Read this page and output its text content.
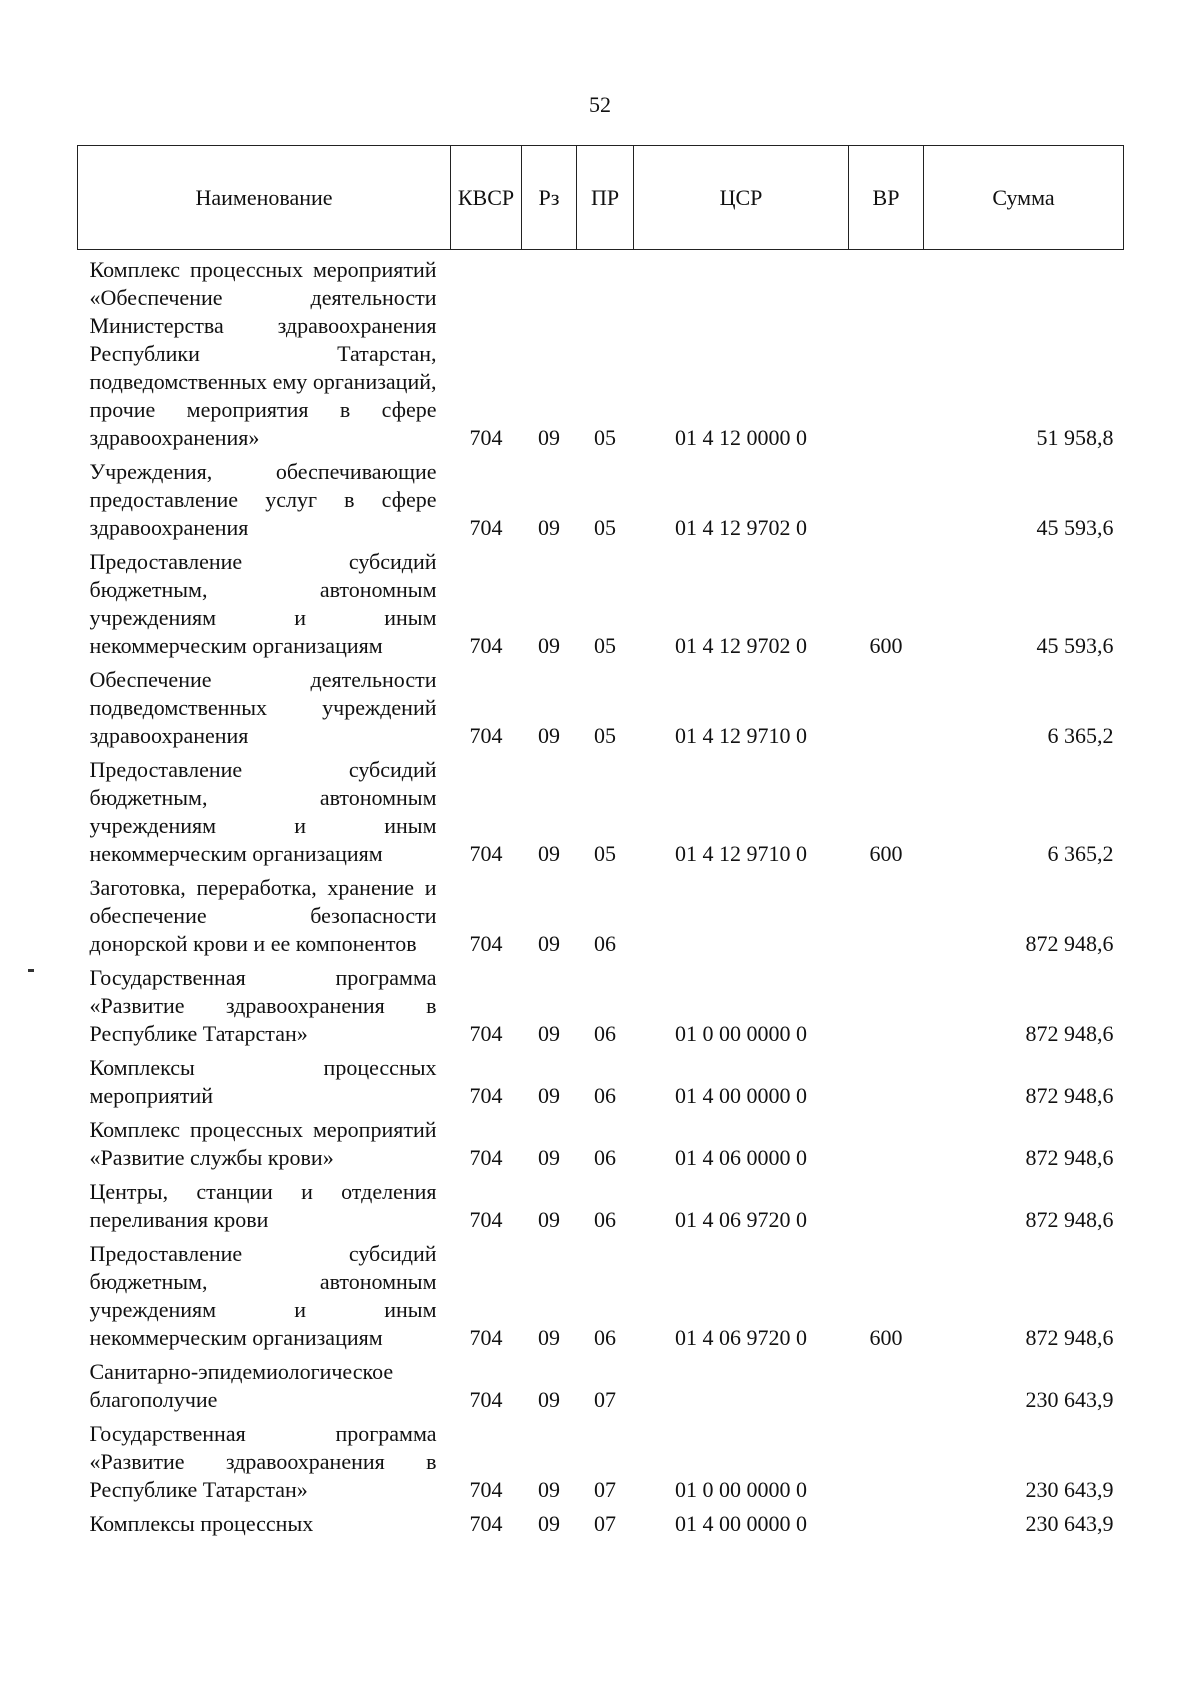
52
Наименование	КВСР	Рз	ПР	ЦСР	ВР	Сумма
Комплекс процессных мероприятий «Обеспечение деятельности Министерства здравоохранения Республики Татарстан, подведомственных ему организаций, прочие мероприятия в сфере здравоохранения»	704	09	05	01 4 12 0000 0		51 958,8
Учреждения, обеспечивающие предоставление услуг в сфере здравоохранения	704	09	05	01 4 12 9702 0		45 593,6
Предоставление субсидий бюджетным, автономным учреждениям и иным некоммерческим организациям	704	09	05	01 4 12 9702 0	600	45 593,6
Обеспечение деятельности подведомственных учреждений здравоохранения	704	09	05	01 4 12 9710 0		6 365,2
Предоставление субсидий бюджетным, автономным учреждениям и иным некоммерческим организациям	704	09	05	01 4 12 9710 0	600	6 365,2
Заготовка, переработка, хранение и обеспечение безопасности донорской крови и ее компонентов	704	09	06			872 948,6
Государственная программа «Развитие здравоохранения в Республике Татарстан»	704	09	06	01 0 00 0000 0		872 948,6
Комплексы процессных мероприятий	704	09	06	01 4 00 0000 0		872 948,6
Комплекс процессных мероприятий «Развитие службы крови»	704	09	06	01 4 06 0000 0		872 948,6
Центры, станции и отделения переливания крови	704	09	06	01 4 06 9720 0		872 948,6
Предоставление субсидий бюджетным, автономным учреждениям и иным некоммерческим организациям	704	09	06	01 4 06 9720 0	600	872 948,6
Санитарно-эпидемиологическое благополучие	704	09	07			230 643,9
Государственная программа «Развитие здравоохранения в Республике Татарстан»	704	09	07	01 0 00 0000 0		230 643,9
Комплексы процессных	704	09	07	01 4 00 0000 0		230 643,9
